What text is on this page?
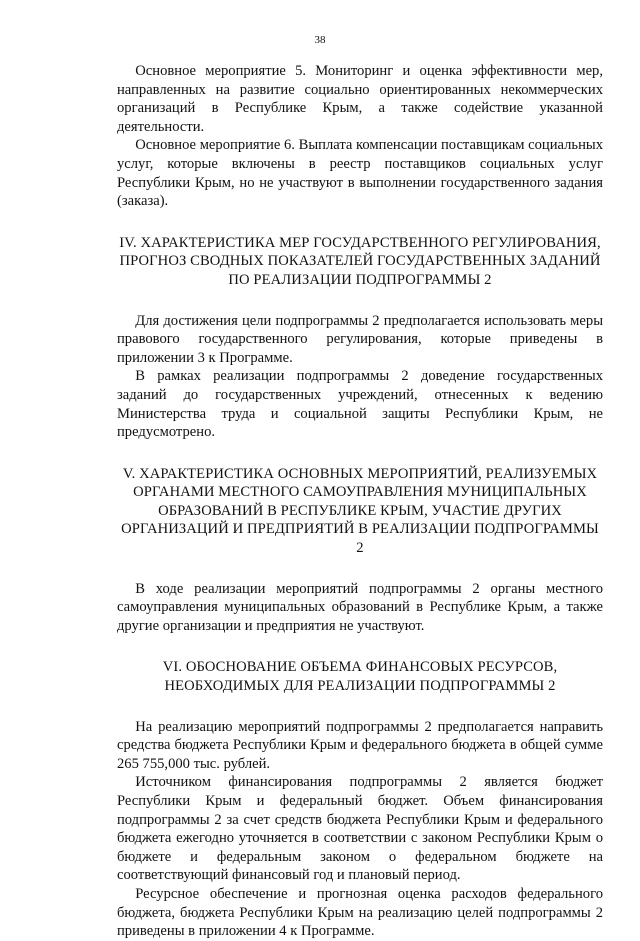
38

Основное мероприятие 5. Мониторинг и оценка эффективности мер, направленных на развитие социально ориентированных некоммерческих организаций в Республике Крым, а также содействие указанной деятельности.

Основное мероприятие 6. Выплата компенсации поставщикам социальных услуг, которые включены в реестр поставщиков социальных услуг Республики Крым, но не участвуют в выполнении государственного задания (заказа).

IV. ХАРАКТЕРИСТИКА МЕР ГОСУДАРСТВЕННОГО РЕГУЛИРОВАНИЯ, ПРОГНОЗ СВОДНЫХ ПОКАЗАТЕЛЕЙ ГОСУДАРСТВЕННЫХ ЗАДАНИЙ ПО РЕАЛИЗАЦИИ ПОДПРОГРАММЫ 2

Для достижения цели подпрограммы 2 предполагается использовать меры правового государственного регулирования, которые приведены в приложении 3 к Программе.

В рамках реализации подпрограммы 2 доведение государственных заданий до государственных учреждений, отнесенных к ведению Министерства труда и социальной защиты Республики Крым, не предусмотрено.

V. ХАРАКТЕРИСТИКА ОСНОВНЫХ МЕРОПРИЯТИЙ, РЕАЛИЗУЕМЫХ ОРГАНАМИ МЕСТНОГО САМОУПРАВЛЕНИЯ МУНИЦИПАЛЬНЫХ ОБРАЗОВАНИЙ В РЕСПУБЛИКЕ КРЫМ, УЧАСТИЕ ДРУГИХ ОРГАНИЗАЦИЙ И ПРЕДПРИЯТИЙ В РЕАЛИЗАЦИИ ПОДПРОГРАММЫ 2

В ходе реализации мероприятий подпрограммы 2 органы местного самоуправления муниципальных образований в Республике Крым, а также другие организации и предприятия не участвуют.

VI. ОБОСНОВАНИЕ ОБЪЕМА ФИНАНСОВЫХ РЕСУРСОВ, НЕОБХОДИМЫХ ДЛЯ РЕАЛИЗАЦИИ ПОДПРОГРАММЫ 2

На реализацию мероприятий подпрограммы 2 предполагается направить средства бюджета Республики Крым и федерального бюджета в общей сумме 265 755,000 тыс. рублей.

Источником финансирования подпрограммы 2 является бюджет Республики Крым и федеральный бюджет. Объем финансирования подпрограммы 2 за счет средств бюджета Республики Крым и федерального бюджета ежегодно уточняется в соответствии с законом Республики Крым о бюджете и федеральным законом о федеральном бюджете на соответствующий финансовый год и плановый период.

Ресурсное обеспечение и прогнозная оценка расходов федерального бюджета, бюджета Республики Крым на реализацию целей подпрограммы 2 приведены в приложении 4 к Программе.
